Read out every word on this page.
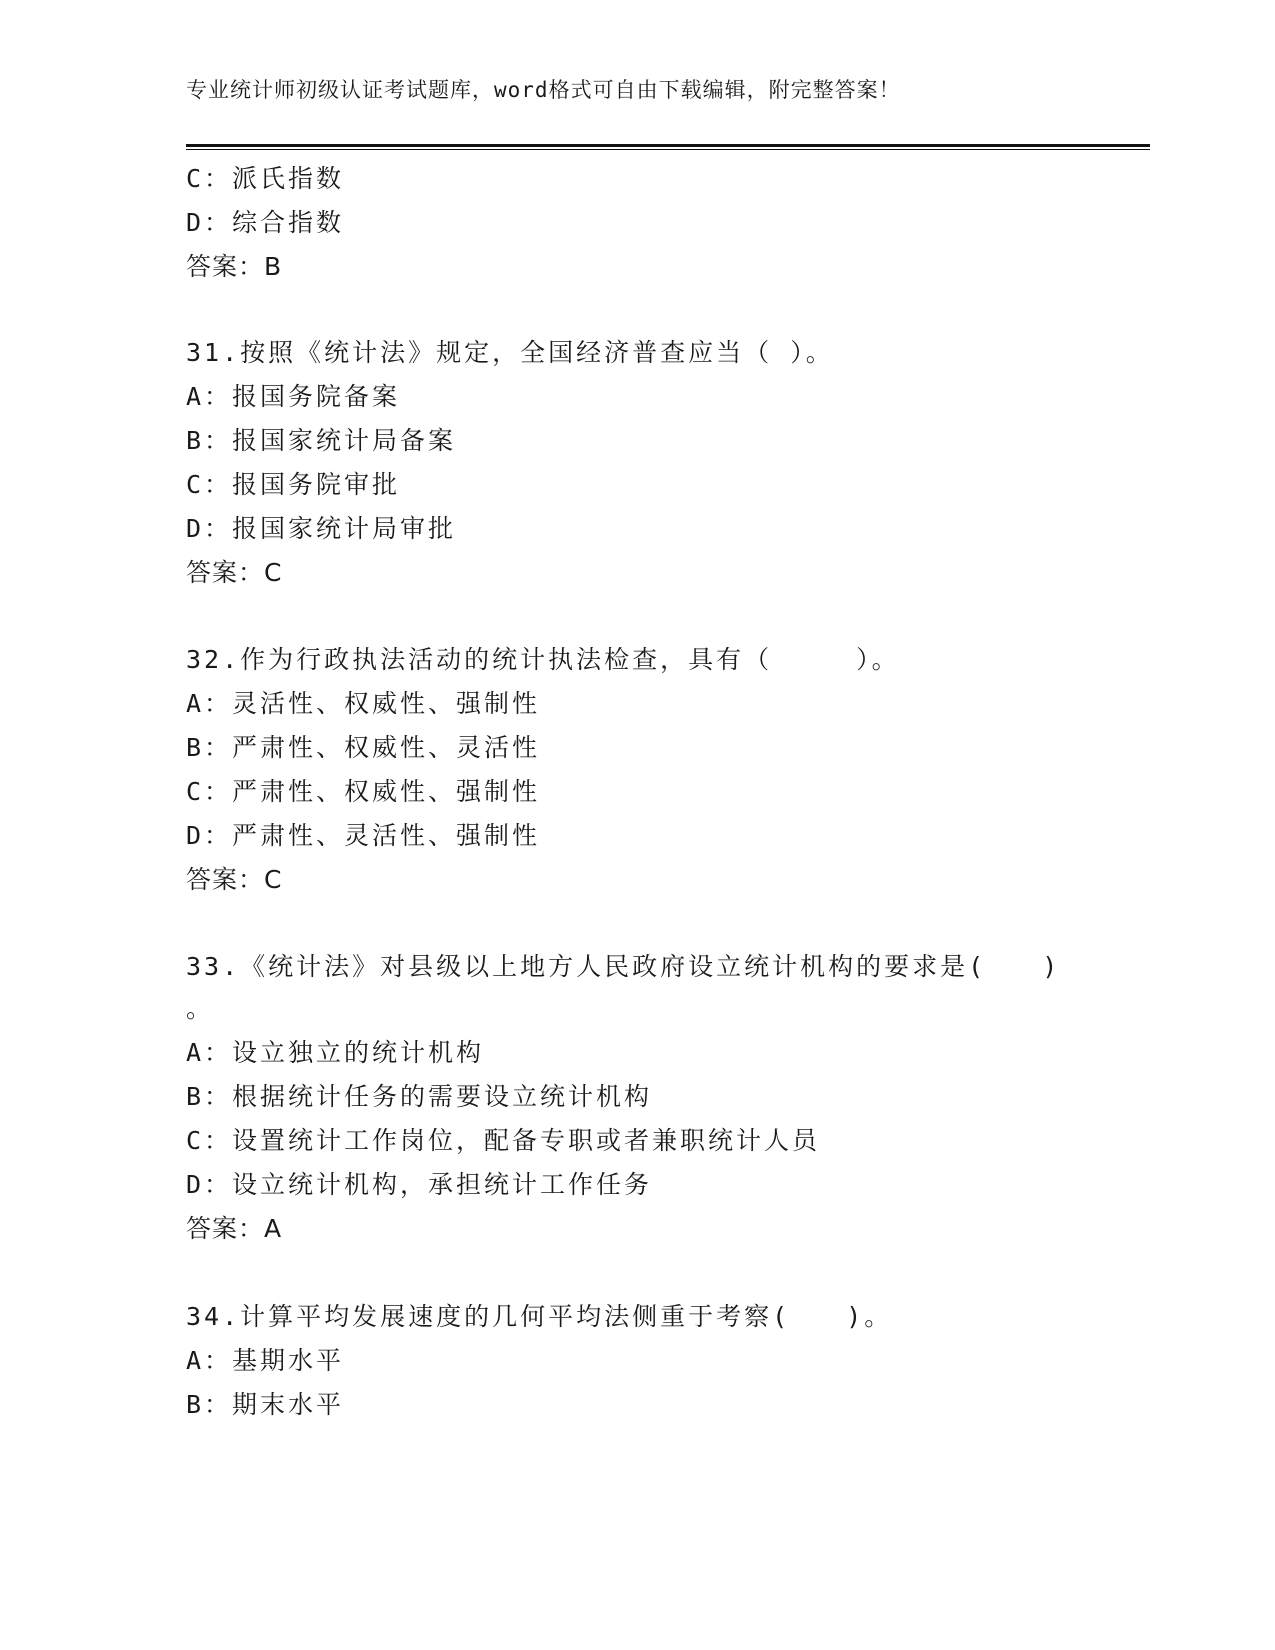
专业统计师初级认证考试题库，word格式可自由下载编辑，附完整答案！
C：派氏指数
D：综合指数
答案：B
31.按照《统计法》规定，全国经济普查应当（ ）。
A：报国务院备案
B：报国家统计局备案
C：报国务院审批
D：报国家统计局审批
答案：C
32.作为行政执法活动的统计执法检查，具有（　　　）。
A：灵活性、权威性、强制性
B：严肃性、权威性、灵活性
C：严肃性、权威性、强制性
D：严肃性、灵活性、强制性
答案：C
33.《统计法》对县级以上地方人民政府设立统计机构的要求是(　　)
。
A：设立独立的统计机构
B：根据统计任务的需要设立统计机构
C：设置统计工作岗位，配备专职或者兼职统计人员
D：设立统计机构，承担统计工作任务
答案：A
34.计算平均发展速度的几何平均法侧重于考察(　　)。
A：基期水平
B：期末水平
